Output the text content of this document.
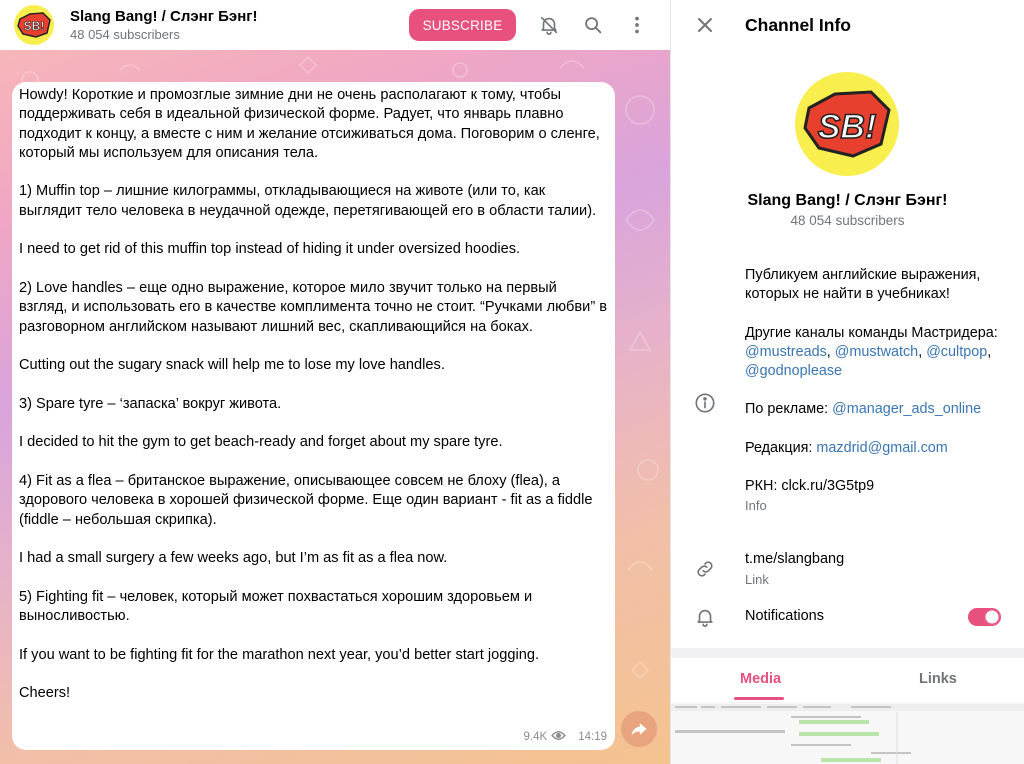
SB!
Slang Bang! / Слэнг Бэнг!
48 054 subscribers
SUBSCRIBE
Howdy! Короткие и промозглые зимние дни не очень располагают к тому, чтобы поддерживать себя в идеальной физической форме. Радует, что январь плавно подходит к концу, а вместе с ним и желание отсиживаться дома. Поговорим о сленге, который мы используем для описания тела.

1) Muffin top – лишние килограммы, откладывающиеся на животе (или то, как выглядит тело человека в неудачной одежде, перетягивающей его в области талии).

I need to get rid of this muffin top instead of hiding it under oversized hoodies.

2) Love handles – еще одно выражение, которое мило звучит только на первый взгляд, и использовать его в качестве комплимента точно не стоит. “Ручками любви” в разговорном английском называют лишний вес, скапливающийся на боках.

Cutting out the sugary snack will help me to lose my love handles.

3) Spare tyre – ‘запаска’ вокруг живота.

I decided to hit the gym to get beach-ready and forget about my spare tyre.

4) Fit as a flea – британское выражение, описывающее совсем не блоху (flea), а здорового человека в хорошей физической форме. Еще один вариант - fit as a fiddle (fiddle – небольшая скрипка).

I had a small surgery a few weeks ago, but I’m as fit as a flea now.

5) Fighting fit – человек, который может похвастаться хорошим здоровьем и выносливостью.

If you want to be fighting fit for the marathon next year, you’d better start jogging.

Cheers!
9.4K	14:19
Channel Info
SB!
Slang Bang! / Слэнг Бэнг!
48 054 subscribers
Публикуем английские выражения, которых не найти в учебниках!
Другие каналы команды Мастридера: @mustreads, @mustwatch, @cultpop, @godnoplease
По рекламе: @manager_ads_online
Редакция: mazdrid@gmail.com
РКН: clck.ru/3G5tp9
Info
t.me/slangbang
Link
Notifications
Media	Links
